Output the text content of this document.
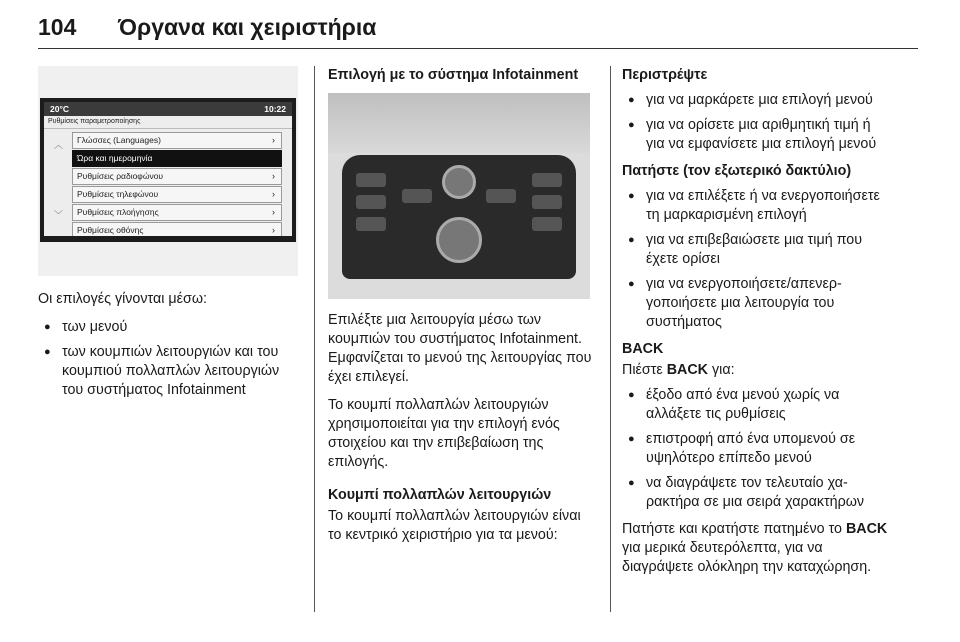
104 Όργανα και χειριστήρια
20°C	10:22
Ρυθμίσεις παραμετροποίησης
︿
﹀
Γλώσσες (Languages)	›
Ώρα και ημερομηνία
Ρυθμίσεις ραδιοφώνου	›
Ρυθμίσεις τηλεφώνου	›
Ρυθμίσεις πλοήγησης	›
Ρυθμίσεις οθόνης	›

Οι επιλογές γίνονται μέσω:

● των μενού
● των κουμπιών λειτουργιών και του κουμπιού πολλαπλών λειτουργιών του συστήματος Infotainment
Επιλογή με το σύστημα Infotainment

Επιλέξτε μια λειτουργία μέσω των κουμπιών του συστήματος Infotainment. Εμφανίζεται το μενού της λειτουργίας που έχει επιλεγεί.

Το κουμπί πολλαπλών λειτουργιών χρησιμοποιείται για την επιλογή ενός στοιχείου και την επιβεβαίωση της επιλογής.

Κουμπί πολλαπλών λειτουργιών

Το κουμπί πολλαπλών λειτουργιών είναι το κεντρικό χειριστήριο για τα μενού:

Περιστρέψτε
● για να μαρκάρετε μια επιλογή μενού
● για να ορίσετε μια αριθμητική τιμή ή για να εμφανίσετε μια επιλογή μενού
Πατήστε (τον εξωτερικό δακτύλιο)
● για να επιλέξετε ή να ενεργοποιήσετε τη μαρκαρισμένη επιλογή
● για να επιβεβαιώσετε μια τιμή που έχετε ορίσει
● για να ενεργοποιήσετε/απενεργοποιήσετε μια λειτουργία του συστήματος
BACK

Πιέστε BACK για:

● έξοδο από ένα μενού χωρίς να αλλάξετε τις ρυθμίσεις
● επιστροφή από ένα υπομενού σε υψηλότερο επίπεδο μενού
● να διαγράψετε τον τελευταίο χαρακτήρα σε μια σειρά χαρακτήρων

Πατήστε και κρατήστε πατημένο το BACK για μερικά δευτερόλεπτα, για να διαγράψετε ολόκληρη την καταχώρηση.
